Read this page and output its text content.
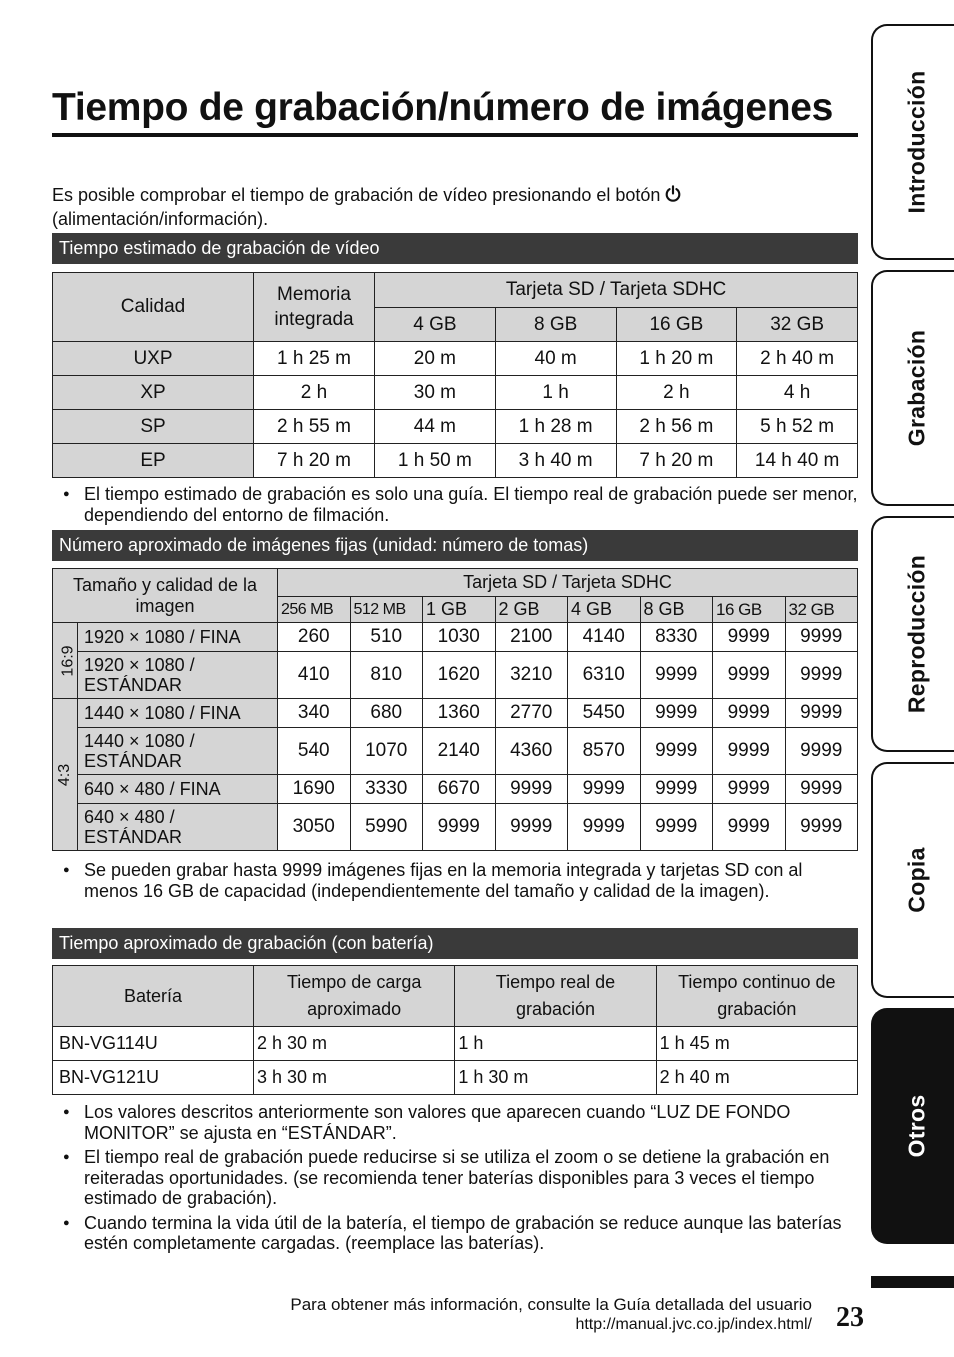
Tiempo de grabación/número de imágenes

Es posible comprobar el tiempo de grabación de vídeo presionando el botón
(alimentación/información).

Tiempo estimado de grabación de vídeo
Calidad	Memoria integrada	Tarjeta SD / Tarjeta SDHC			
		4 GB	8 GB	16 GB	32 GB
UXP	1 h 25 m	20 m	40 m	1 h 20 m	2 h 40 m
XP	2 h	30 m	1 h	2 h	4 h
SP	2 h 55 m	44 m	1 h 28 m	2 h 56 m	5 h 52 m
EP	7 h 20 m	1 h 50 m	3 h 40 m	7 h 20 m	14 h 40 m
● El tiempo estimado de grabación es solo una guía. El tiempo real de grabación puede ser menor, dependiendo del entorno de filmación.
Número aproximado de imágenes fijas (unidad: número de tomas)
Tamaño y calidad de la imagen		Tarjeta SD / Tarjeta SDHC							
		256 MB	512 MB	1 GB	2 GB	4 GB	8 GB	16 GB	32 GB
16:9	1920 × 1080 / FINA	260	510	1030	2100	4140	8330	9999	9999
	1920 × 1080 / ESTÁNDAR	410	810	1620	3210	6310	9999	9999	9999
4:3	1440 × 1080 / FINA	340	680	1360	2770	5450	9999	9999	9999
	1440 × 1080 / ESTÁNDAR	540	1070	2140	4360	8570	9999	9999	9999
	640 × 480 / FINA	1690	3330	6670	9999	9999	9999	9999	9999
	640 × 480 / ESTÁNDAR	3050	5990	9999	9999	9999	9999	9999	9999
● Se pueden grabar hasta 9999 imágenes fijas en la memoria integrada y tarjetas SD con al menos 16 GB de capacidad (independientemente del tamaño y calidad de la imagen).
Tiempo aproximado de grabación (con batería)
Batería	Tiempo de carga aproximado	Tiempo real de grabación	Tiempo continuo de grabación
BN-VG114U	2 h 30 m	1 h	1 h 45 m
BN-VG121U	3 h 30 m	1 h 30 m	2 h 40 m
● Los valores descritos anteriormente son valores que aparecen cuando “LUZ DE FONDO MONITOR” se ajusta en “ESTÁNDAR”.
● El tiempo real de grabación puede reducirse si se utiliza el zoom o se detiene la grabación en reiteradas oportunidades. (se recomienda tener baterías disponibles para 3 veces el tiempo estimado de grabación).
● Cuando termina la vida útil de la batería, el tiempo de grabación se reduce aunque las baterías estén completamente cargadas. (reemplace las baterías).
Introducción
Grabación
Reproducción
Copia
Otros
Para obtener más información, consulte la Guía detallada del usuario
http://manual.jvc.co.jp/index.html/ 23
